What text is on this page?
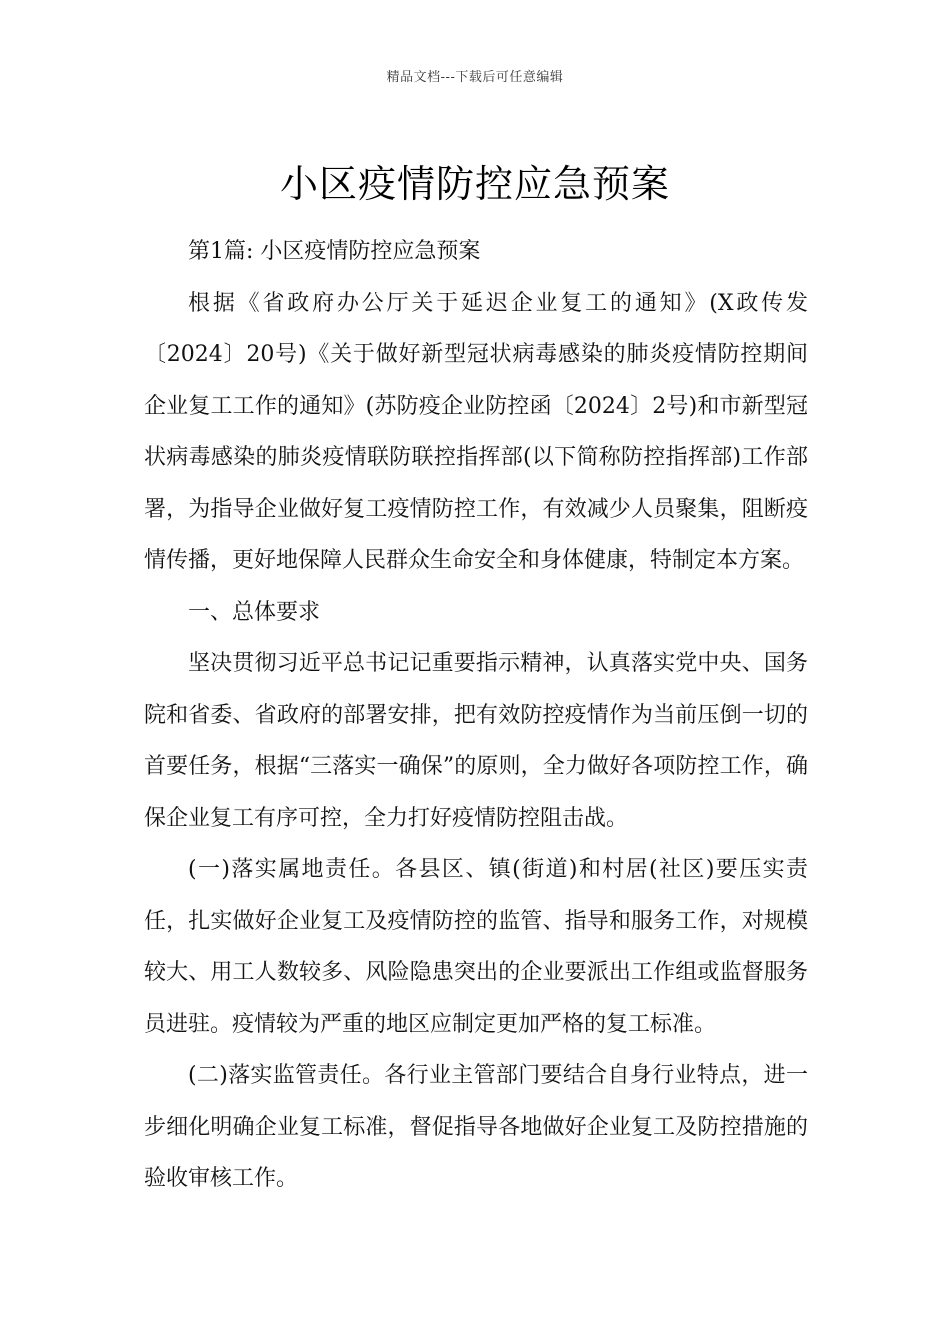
精品文档---下载后可任意编辑
小区疫情防控应急预案

第1篇: 小区疫情防控应急预案

根据《省政府办公厅关于延迟企业复工的通知》(X政传发〔2024〕20号)《关于做好新型冠状病毒感染的肺炎疫情防控期间企业复工工作的通知》(苏防疫企业防控函〔2024〕2号)和市新型冠状病毒感染的肺炎疫情联防联控指挥部(以下简称防控指挥部)工作部署，为指导企业做好复工疫情防控工作，有效减少人员聚集，阻断疫情传播，更好地保障人民群众生命安全和身体健康，特制定本方案。

一、总体要求

坚决贯彻习近平总书记记重要指示精神，认真落实党中央、国务院和省委、省政府的部署安排，把有效防控疫情作为当前压倒一切的首要任务，根据“三落实一确保”的原则，全力做好各项防控工作，确保企业复工有序可控，全力打好疫情防控阻击战。

(一)落实属地责任。各县区、镇(街道)和村居(社区)要压实责任，扎实做好企业复工及疫情防控的监管、指导和服务工作，对规模较大、用工人数较多、风险隐患突出的企业要派出工作组或监督服务员进驻。疫情较为严重的地区应制定更加严格的复工标准。

(二)落实监管责任。各行业主管部门要结合自身行业特点，进一步细化明确企业复工标准，督促指导各地做好企业复工及防控措施的验收审核工作。
